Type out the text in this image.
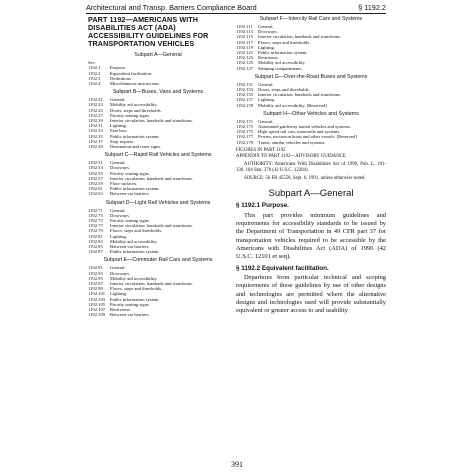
Architectural and Transp. Barriers Compliance Board	§ 1192.2
PART 1192—AMERICANS WITH DISABILITIES ACT (ADA) ACCESSIBILITY GUIDELINES FOR TRANSPORTATION VEHICLES
Subpart A—General
Sec.
1192.1	Purpose.
1192.2	Equivalent facilitation.
1192.3	Definitions.
1192.4	Miscellaneous instructions.
Subpart B—Buses, Vans and Systems
1192.21	General.
1192.23	Mobility aid accessibility.
1192.25	Doors, steps and thresholds.
1192.27	Priority seating signs.
1192.29	Interior circulation, handrails and stanchions.
1192.31	Lighting.
1192.33	Fare box.
1192.35	Public information system.
1192.37	Stop request.
1192.39	Destination and route signs.
Subpart C—Rapid Rail Vehicles and Systems
1192.51	General.
1192.53	Doorways.
1192.55	Priority seating signs.
1192.57	Interior circulation, handrails and stanchions.
1192.59	Floor surfaces.
1192.61	Public information system.
1192.63	Between-car barriers.
Subpart D—Light Rail Vehicles and Systems
1192.71	General.
1192.73	Doorways.
1192.75	Priority seating signs.
1192.77	Interior circulation, handrails and stanchions.
1192.79	Floors, steps and thresholds.
1192.81	Lighting.
1192.83	Mobility aid accessibility.
1192.85	Between-car barriers.
1192.87	Public information system.
Subpart E—Commuter Rail Cars and Systems
1192.91	General.
1192.93	Doorways.
1192.95	Mobility aid accessibility.
1192.97	Interior circulation, handrails and stanchions.
1192.99	Floors, steps and thresholds.
1192.101	Lighting.
1192.103	Public information system.
1192.105	Priority seating signs.
1192.107	Restrooms.
1192.109	Between-car barriers.
Subpart F—Intercity Rail Cars and Systems
1192.111	General.
1192.113	Doorways.
1192.115	Interior circulation, handrails and stanchions.
1192.117	Floors, steps and thresholds.
1192.119	Lighting.
1192.121	Public information system.
1192.123	Restrooms.
1192.125	Mobility aid accessibility.
1192.127	Sleeping compartments.
Subpart G—Over-the-Road Buses and Systems
1192.151	General.
1192.153	Doors, steps and thresholds.
1192.155	Interior circulation, handrails and stanchions.
1192.157	Lighting.
1192.159	Mobility aid accessibility. [Reserved]
Subpart H—Other Vehicles and Systems
1192.171	General.
1192.173	Automated guideway transit vehicles and systems.
1192.175	High-speed rail cars, monorails and systems.
1192.177	Ferries, excursion boats and other vessels. [Reserved]
1192.179	Trams, similar vehicles and systems.
FIGURES IN PART 1192
APPENDIX TO PART 1192—ADVISORY GUIDANCE

AUTHORITY: Americans With Disabilities Act of 1990, Pub. L. 101-336, 104 Stat. 378 (42 U.S.C. 12204).

SOURCE: 56 FR 45558, Sept. 6, 1991, unless otherwise noted.

Subpart A—General
§ 1192.1 Purpose.

This part provides minimum guidelines and requirements for accessibility standards to be issued by the Department of Transportation in 49 CFR part 37 for transportation vehicles required to be accessible by the Americans with Disabilities Act (ADA) of 1990 (42 U.S.C. 12101 et seq).

§ 1192.2 Equivalent facilitation.

Departures from particular technical and scoping requirements of these guidelines by use of other designs and technologies are permitted where the alternative designs and technologies used will provide substantially equivalent or greater access to and usability

391
